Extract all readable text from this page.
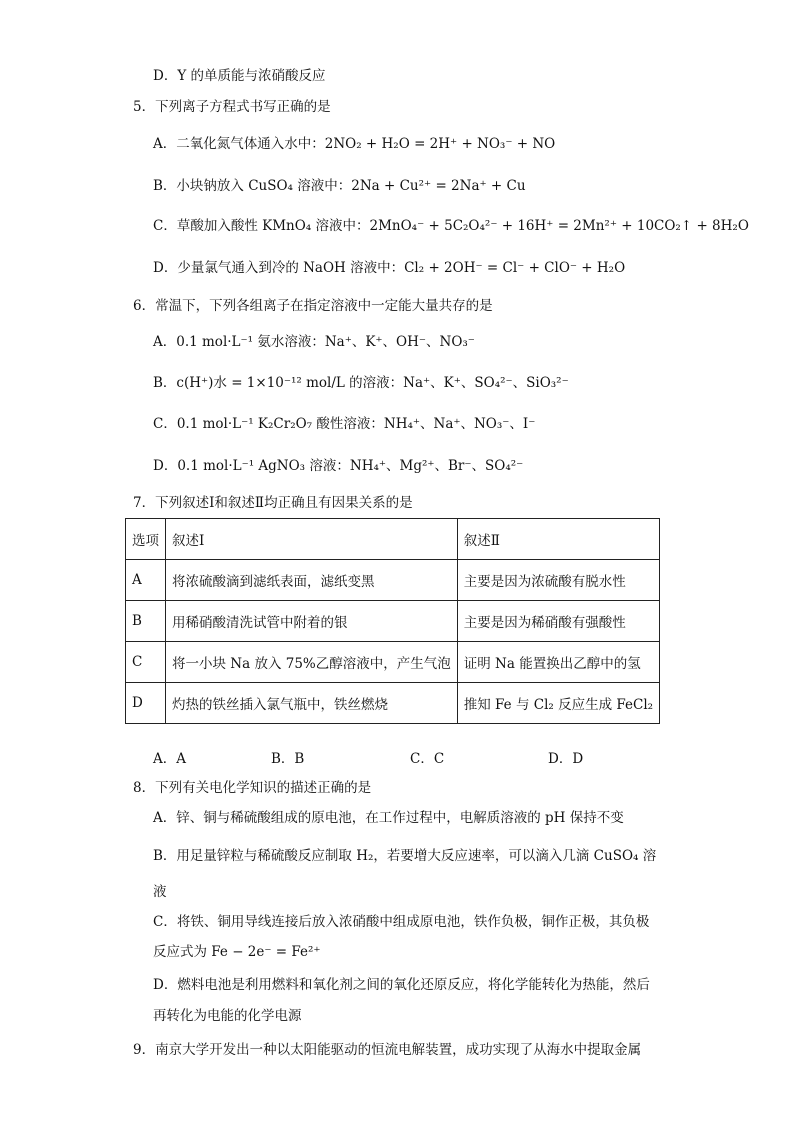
D．Y 的单质能与浓硝酸反应
5．下列离子方程式书写正确的是
A．二氧化氮气体通入水中：2NO₂ + H₂O = 2H⁺ + NO₃⁻ + NO
B．小块钠放入 CuSO₄ 溶液中：2Na + Cu²⁺ = 2Na⁺ + Cu
C．草酸加入酸性 KMnO₄ 溶液中：2MnO₄⁻ + 5C₂O₄²⁻ + 16H⁺ = 2Mn²⁺ + 10CO₂↑ + 8H₂O
D．少量氯气通入到冷的 NaOH 溶液中：Cl₂ + 2OH⁻ = Cl⁻ + ClO⁻ + H₂O
6．常温下，下列各组离子在指定溶液中一定能大量共存的是
A．0.1 mol·L⁻¹ 氨水溶液：Na⁺、K⁺、OH⁻、NO₃⁻
B．c(H⁺)水 = 1×10⁻¹² mol/L 的溶液：Na⁺、K⁺、SO₄²⁻、SiO₃²⁻
C．0.1 mol·L⁻¹ K₂Cr₂O₇ 酸性溶液：NH₄⁺、Na⁺、NO₃⁻、I⁻
D．0.1 mol·L⁻¹ AgNO₃ 溶液：NH₄⁺、Mg²⁺、Br⁻、SO₄²⁻
7．下列叙述Ⅰ和叙述Ⅱ均正确且有因果关系的是
选项	叙述Ⅰ	叙述Ⅱ
A	将浓硫酸滴到滤纸表面，滤纸变黑	主要是因为浓硫酸有脱水性
B	用稀硝酸清洗试管中附着的银	主要是因为稀硝酸有强酸性
C	将一小块 Na 放入 75%乙醇溶液中，产生气泡	证明 Na 能置换出乙醇中的氢
D	灼热的铁丝插入氯气瓶中，铁丝燃烧	推知 Fe 与 Cl₂ 反应生成 FeCl₂
A．A	B．B	C．C	D．D
8．下列有关电化学知识的描述正确的是
A．锌、铜与稀硫酸组成的原电池，在工作过程中，电解质溶液的 pH 保持不变
B．用足量锌粒与稀硫酸反应制取 H₂，若要增大反应速率，可以滴入几滴 CuSO₄ 溶
液
C．将铁、铜用导线连接后放入浓硝酸中组成原电池，铁作负极，铜作正极，其负极
反应式为 Fe − 2e⁻ = Fe²⁺
D．燃料电池是利用燃料和氧化剂之间的氧化还原反应，将化学能转化为热能，然后
再转化为电能的化学电源
9．南京大学开发出一种以太阳能驱动的恒流电解装置，成功实现了从海水中提取金属
